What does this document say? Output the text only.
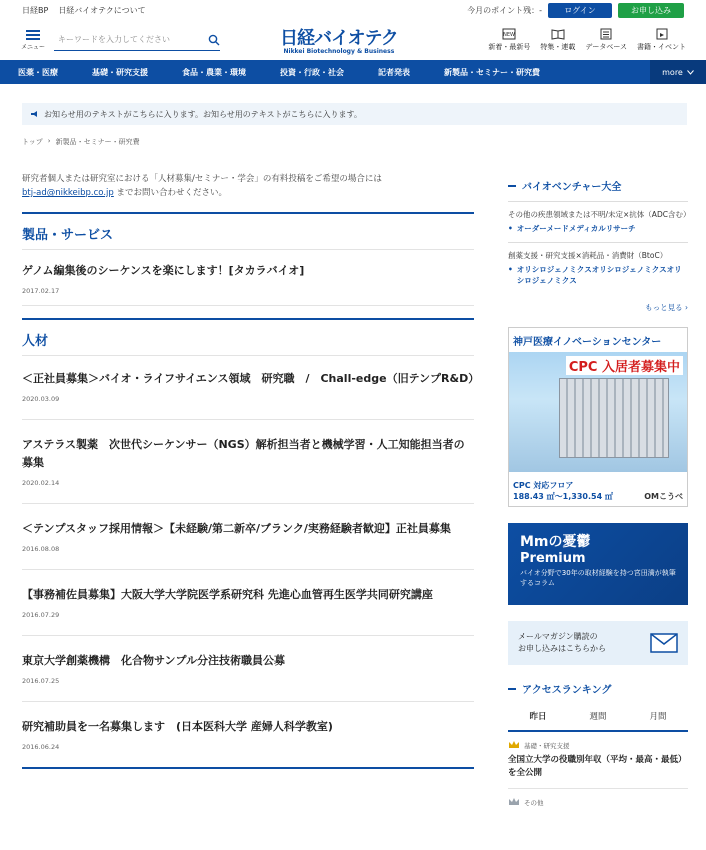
日経BP 日経バイオテクについて	今月のポイント残：-	ログイン	お申し込み
メニュー
キーワードを入力してください	日経バイオテク
Nikkei Biotechnology & Business
NEW
新着・最新号 特集・連載 データベース 書籍・イベント
医薬・医療	基礎・研究支援	食品・農業・環境	投資・行政・社会	記者発表	新製品・セミナー・研究費	more
お知らせ用のテキストがこちらに入ります。お知らせ用のテキストがこちらに入ります。
トップ › 新製品・セミナー・研究費
研究者個人または研究室における「人材募集/セミナー・学会」の有料投稿をご希望の場合には
btj-ad@nikkeibp.co.jp までお問い合わせください。
製品・サービス
ゲノム編集後のシーケンスを楽にします！[タカラバイオ]
2017.02.17
人材
＜正社員募集＞バイオ・ライフサイエンス領域　研究職　/　Chall-edge（旧テンプR&D）
2020.03.09
アステラス製薬　次世代シーケンサー（NGS）解析担当者と機械学習・人工知能担当者の募集
2020.02.14
＜テンプスタッフ採用情報＞【未経験/第二新卒/ブランク/実務経験者歓迎】正社員募集
2016.08.08
【事務補佐員募集】大阪大学大学院医学系研究科 先進心血管再生医学共同研究講座
2016.07.29
東京大学創薬機構　化合物サンプル分注技術職員公募
2016.07.25
研究補助員を一名募集します　(日本医科大学 産婦人科学教室)
2016.06.24
バイオベンチャー大全
その他の疾患領域または不明/未定×抗体（ADC含む）
• オーダーメードメディカルリサーチ
創薬支援・研究支援×消耗品・消費財（BtoC）
• オリシロジェノミクスオリシロジェノミクスオリシロジェノミクス
もっと見る ›
神戸医療イノベーションセンター
CPC 入居者募集中
CPC 対応フロア
188.43 ㎡～1,330.54 ㎡	OMこうべ
Mmの憂鬱
Premium
バイオ分野で30年の取材経験を持つ宮田満が執筆するコラム
メールマガジン購読の
お申し込みはこちらから
アクセスランキング
昨日	週間	月間
基礎・研究支援
全国立大学の役職別年収（平均・最高・最低）を全公開
その他
